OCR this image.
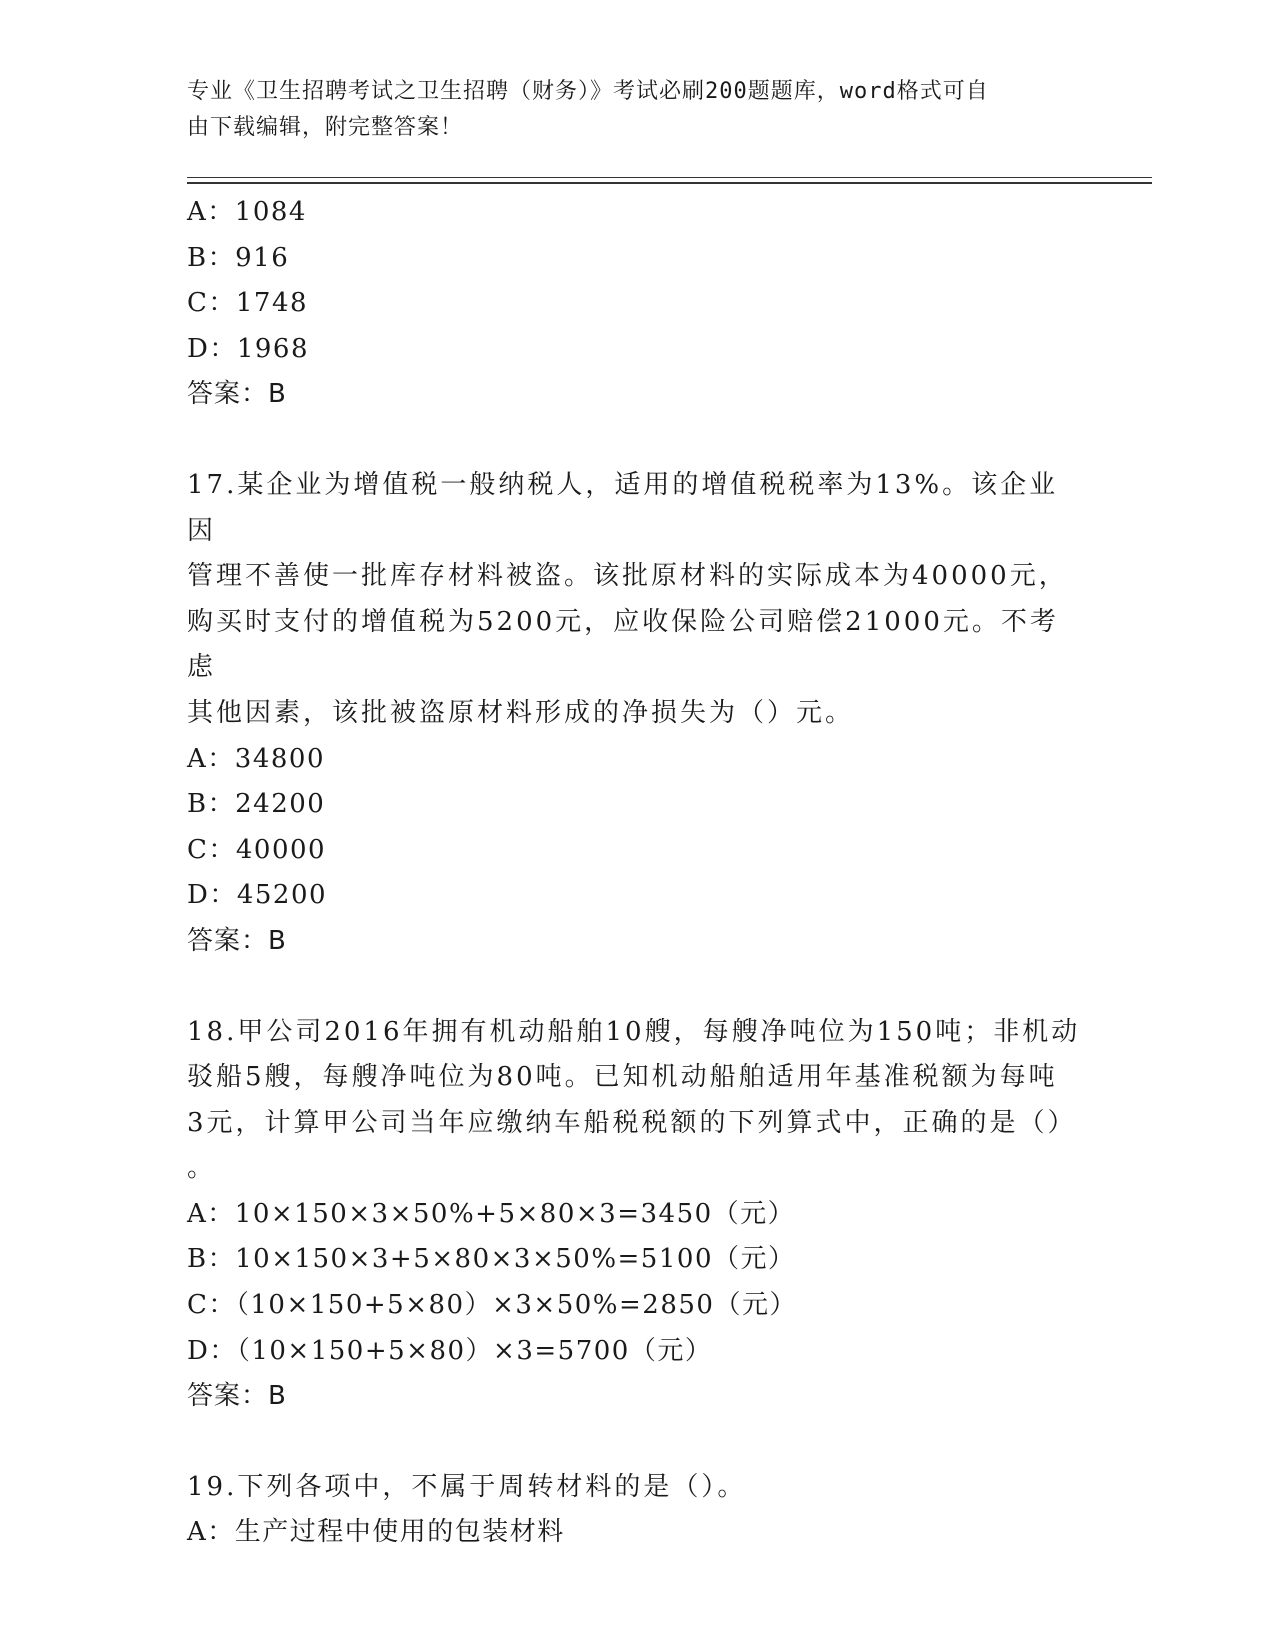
专业《卫生招聘考试之卫生招聘（财务）》考试必刷200题题库，word格式可自
由下载编辑，附完整答案！
A：1084
B：916
C：1748
D：1968
答案：B
17.某企业为增值税一般纳税人，适用的增值税税率为13%。该企业因
管理不善使一批库存材料被盗。该批原材料的实际成本为40000元，
购买时支付的增值税为5200元，应收保险公司赔偿21000元。不考虑
其他因素，该批被盗原材料形成的净损失为（）元。
A：34800
B：24200
C：40000
D：45200
答案：B
18.甲公司2016年拥有机动船舶10艘，每艘净吨位为150吨；非机动
驳船5艘，每艘净吨位为80吨。已知机动船舶适用年基准税额为每吨
3元，计算甲公司当年应缴纳车船税税额的下列算式中，正确的是（）
。
A：10×150×3×50%+5×80×3=3450（元）
B：10×150×3+5×80×3×50%=5100（元）
C：（10×150+5×80）×3×50%=2850（元）
D：（10×150+5×80）×3=5700（元）
答案：B
19.下列各项中，不属于周转材料的是（）。
A：生产过程中使用的包装材料
